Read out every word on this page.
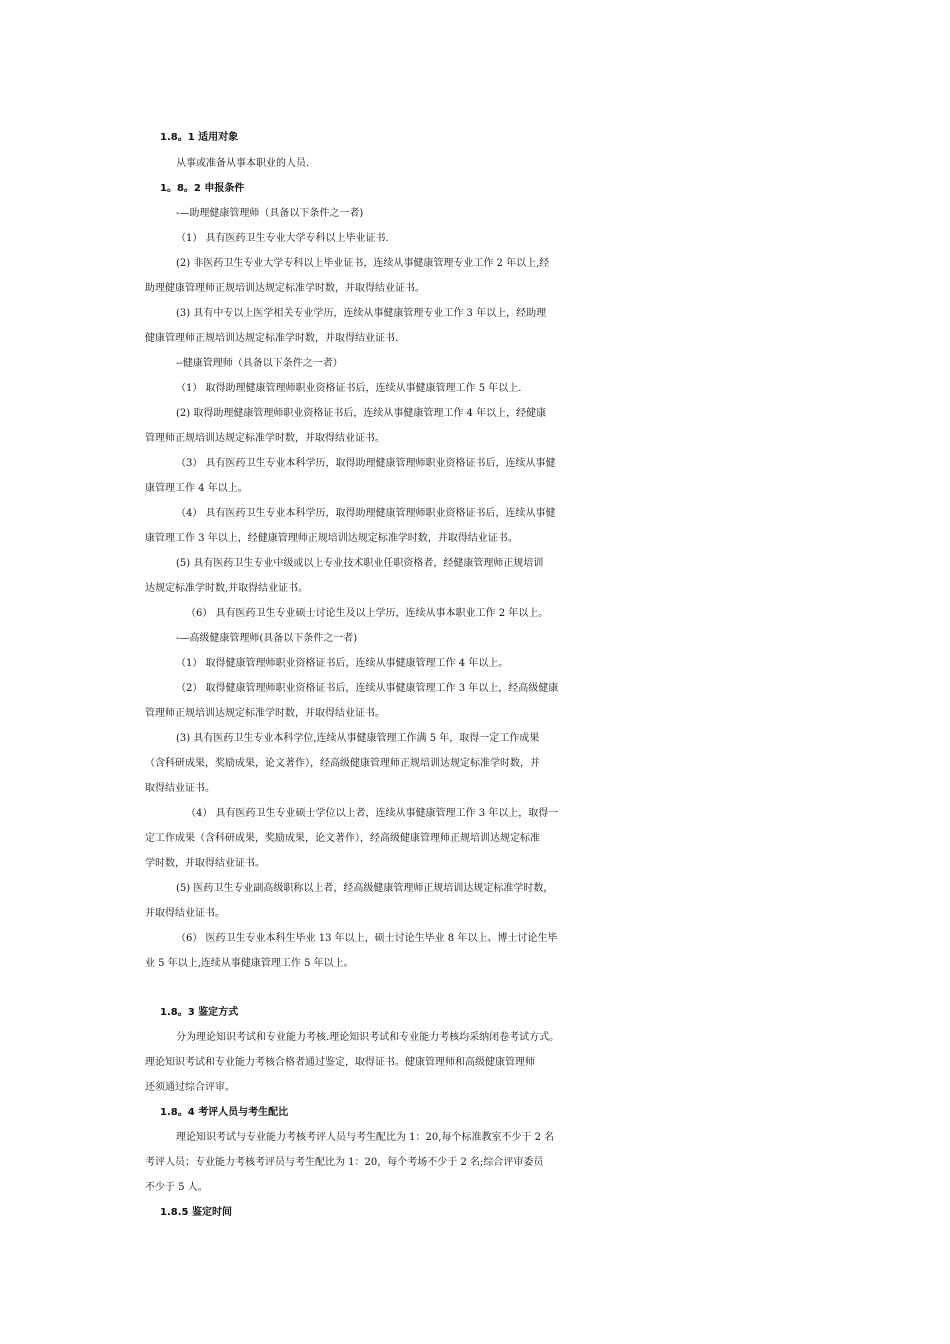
1.8。1 适用对象
从事或准备从事本职业的人员.
1。8。2 申报条件
-—助理健康管理师（具备以下条件之一者)
（1） 具有医药卫生专业大学专科以上毕业证书.
(2) 非医药卫生专业大学专科以上毕业证书，连续从事健康管理专业工作 2 年以上,经
助理健康管理师正规培训达规定标准学时数，并取得结业证书。
(3) 具有中专以上医学相关专业学历，连续从事健康管理专业工作 3 年以上，经助理
健康管理师正规培训达规定标准学时数，并取得结业证书.
--健康管理师（具备以下条件之一者）
（1） 取得助理健康管理师职业资格证书后，连续从事健康管理工作 5 年以上.
(2) 取得助理健康管理师职业资格证书后，连续从事健康管理工作 4 年以上，经健康
管理师正规培训达规定标准学时数，并取得结业证书。
（3） 具有医药卫生专业本科学历，取得助理健康管理师职业资格证书后，连续从事健
康管理工作 4 年以上。
（4） 具有医药卫生专业本科学历，取得助理健康管理师职业资格证书后，连续从事健
康管理工作 3 年以上，经健康管理师正规培训达规定标准学时数，并取得结业证书。
(5) 具有医药卫生专业中级或以上专业技术职业任职资格者，经健康管理师正规培训
达规定标准学时数,并取得结业证书。
（6） 具有医药卫生专业硕士讨论生及以上学历，连续从事本职业工作 2 年以上。
-—高级健康管理师(具备以下条件之一者)
（1） 取得健康管理师职业资格证书后，连续从事健康管理工作 4 年以上。
（2） 取得健康管理师职业资格证书后，连续从事健康管理工作 3 年以上，经高级健康
管理师正规培训达规定标准学时数，并取得结业证书。
(3) 具有医药卫生专业本科学位,连续从事健康管理工作满 5 年，取得一定工作成果
（含科研成果，奖励成果，论文著作），经高级健康管理师正规培训达规定标准学时数，并
取得结业证书。
（4） 具有医药卫生专业硕士学位以上者，连续从事健康管理工作 3 年以上，取得一
定工作成果（含科研成果，奖励成果，论文著作），经高级健康管理师正规培训达规定标准
学时数，并取得结业证书。
(5) 医药卫生专业副高级职称以上者，经高级健康管理师正规培训达规定标准学时数，
并取得结业证书。
（6） 医药卫生专业本科生毕业 13 年以上，硕士讨论生毕业 8 年以上、博士讨论生毕
业 5 年以上,连续从事健康管理工作 5 年以上。
1.8。3 鉴定方式
分为理论知识考试和专业能力考核.理论知识考试和专业能力考核均采纳闭卷考试方式。
理论知识考试和专业能力考核合格者通过鉴定，取得证书。健康管理师和高级健康管理师
还须通过综合评审。
1.8。4 考评人员与考生配比
理论知识考试与专业能力考核考评人员与考生配比为 1：20,每个标准教室不少于 2 名
考评人员；专业能力考核考评员与考生配比为 1：20，每个考场不少于 2 名;综合评审委员
不少于 5 人。
1.8.5 鉴定时间
